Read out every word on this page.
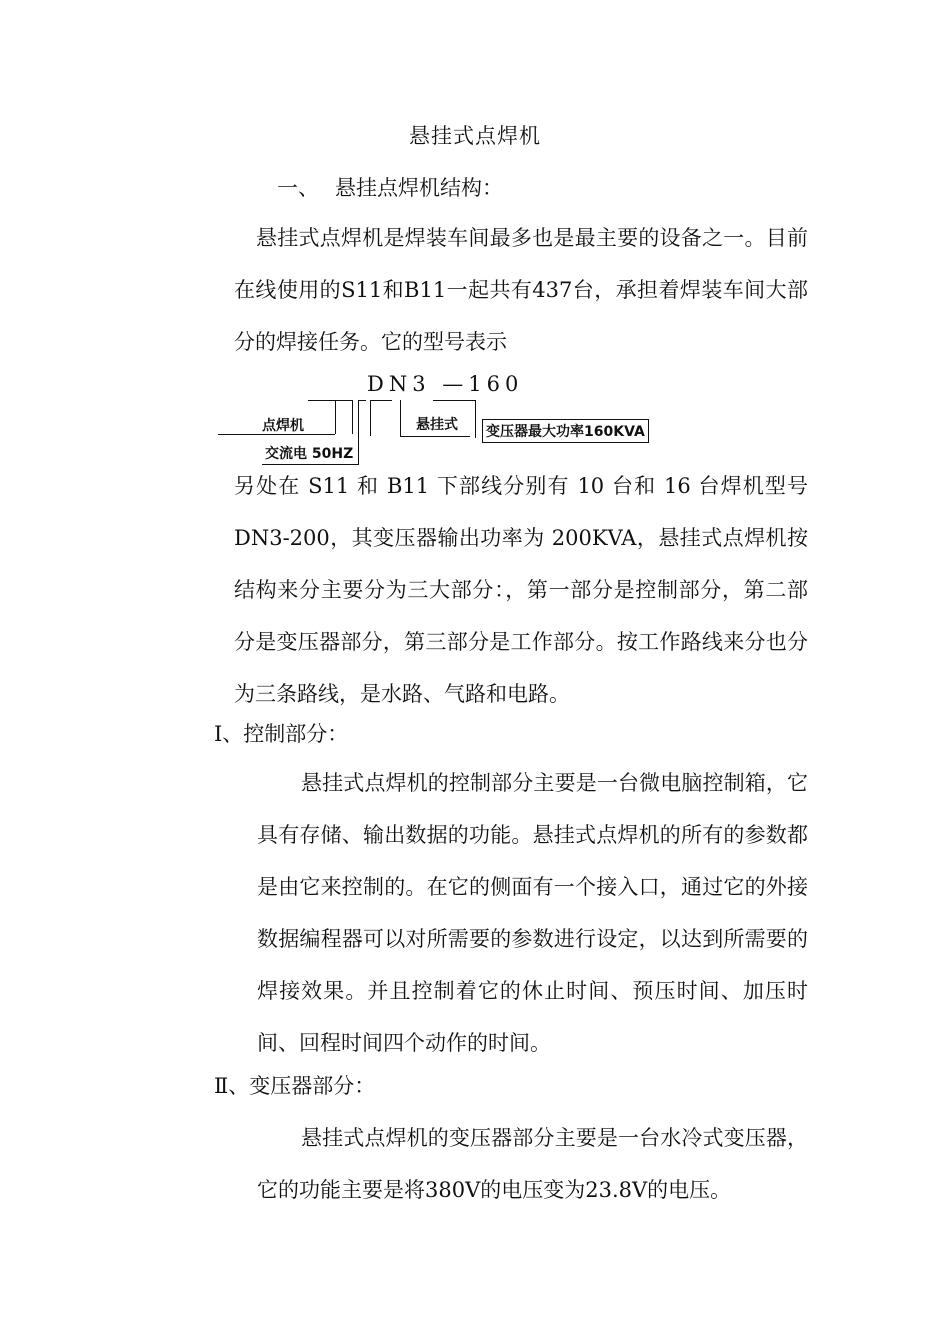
悬挂式点焊机
一、 悬挂点焊机结构：

悬挂式点焊机是焊装车间最多也是最主要的设备之一。目前在线使用的S11和B11一起共有437台，承担着焊装车间大部分的焊接任务。它的型号表示

DN3 —160
点焊机
交流电 50HZ
悬挂式 变压器最大功率160KVA

另处在 S11 和 B11 下部线分别有 10 台和 16 台焊机型号DN3-200，其变压器输出功率为 200KVA，悬挂式点焊机按结构来分主要分为三大部分：，第一部分是控制部分，第二部分是变压器部分，第三部分是工作部分。按工作路线来分也分为三条路线，是水路、气路和电路。

Ⅰ、控制部分：

悬挂式点焊机的控制部分主要是一台微电脑控制箱，它具有存储、输出数据的功能。悬挂式点焊机的所有的参数都是由它来控制的。在它的侧面有一个接入口，通过它的外接数据编程器可以对所需要的参数进行设定，以达到所需要的焊接效果。并且控制着它的休止时间、预压时间、加压时间、回程时间四个动作的时间。

Ⅱ、变压器部分：

悬挂式点焊机的变压器部分主要是一台水冷式变压器，它的功能主要是将380V的电压变为23.8V的电压。
